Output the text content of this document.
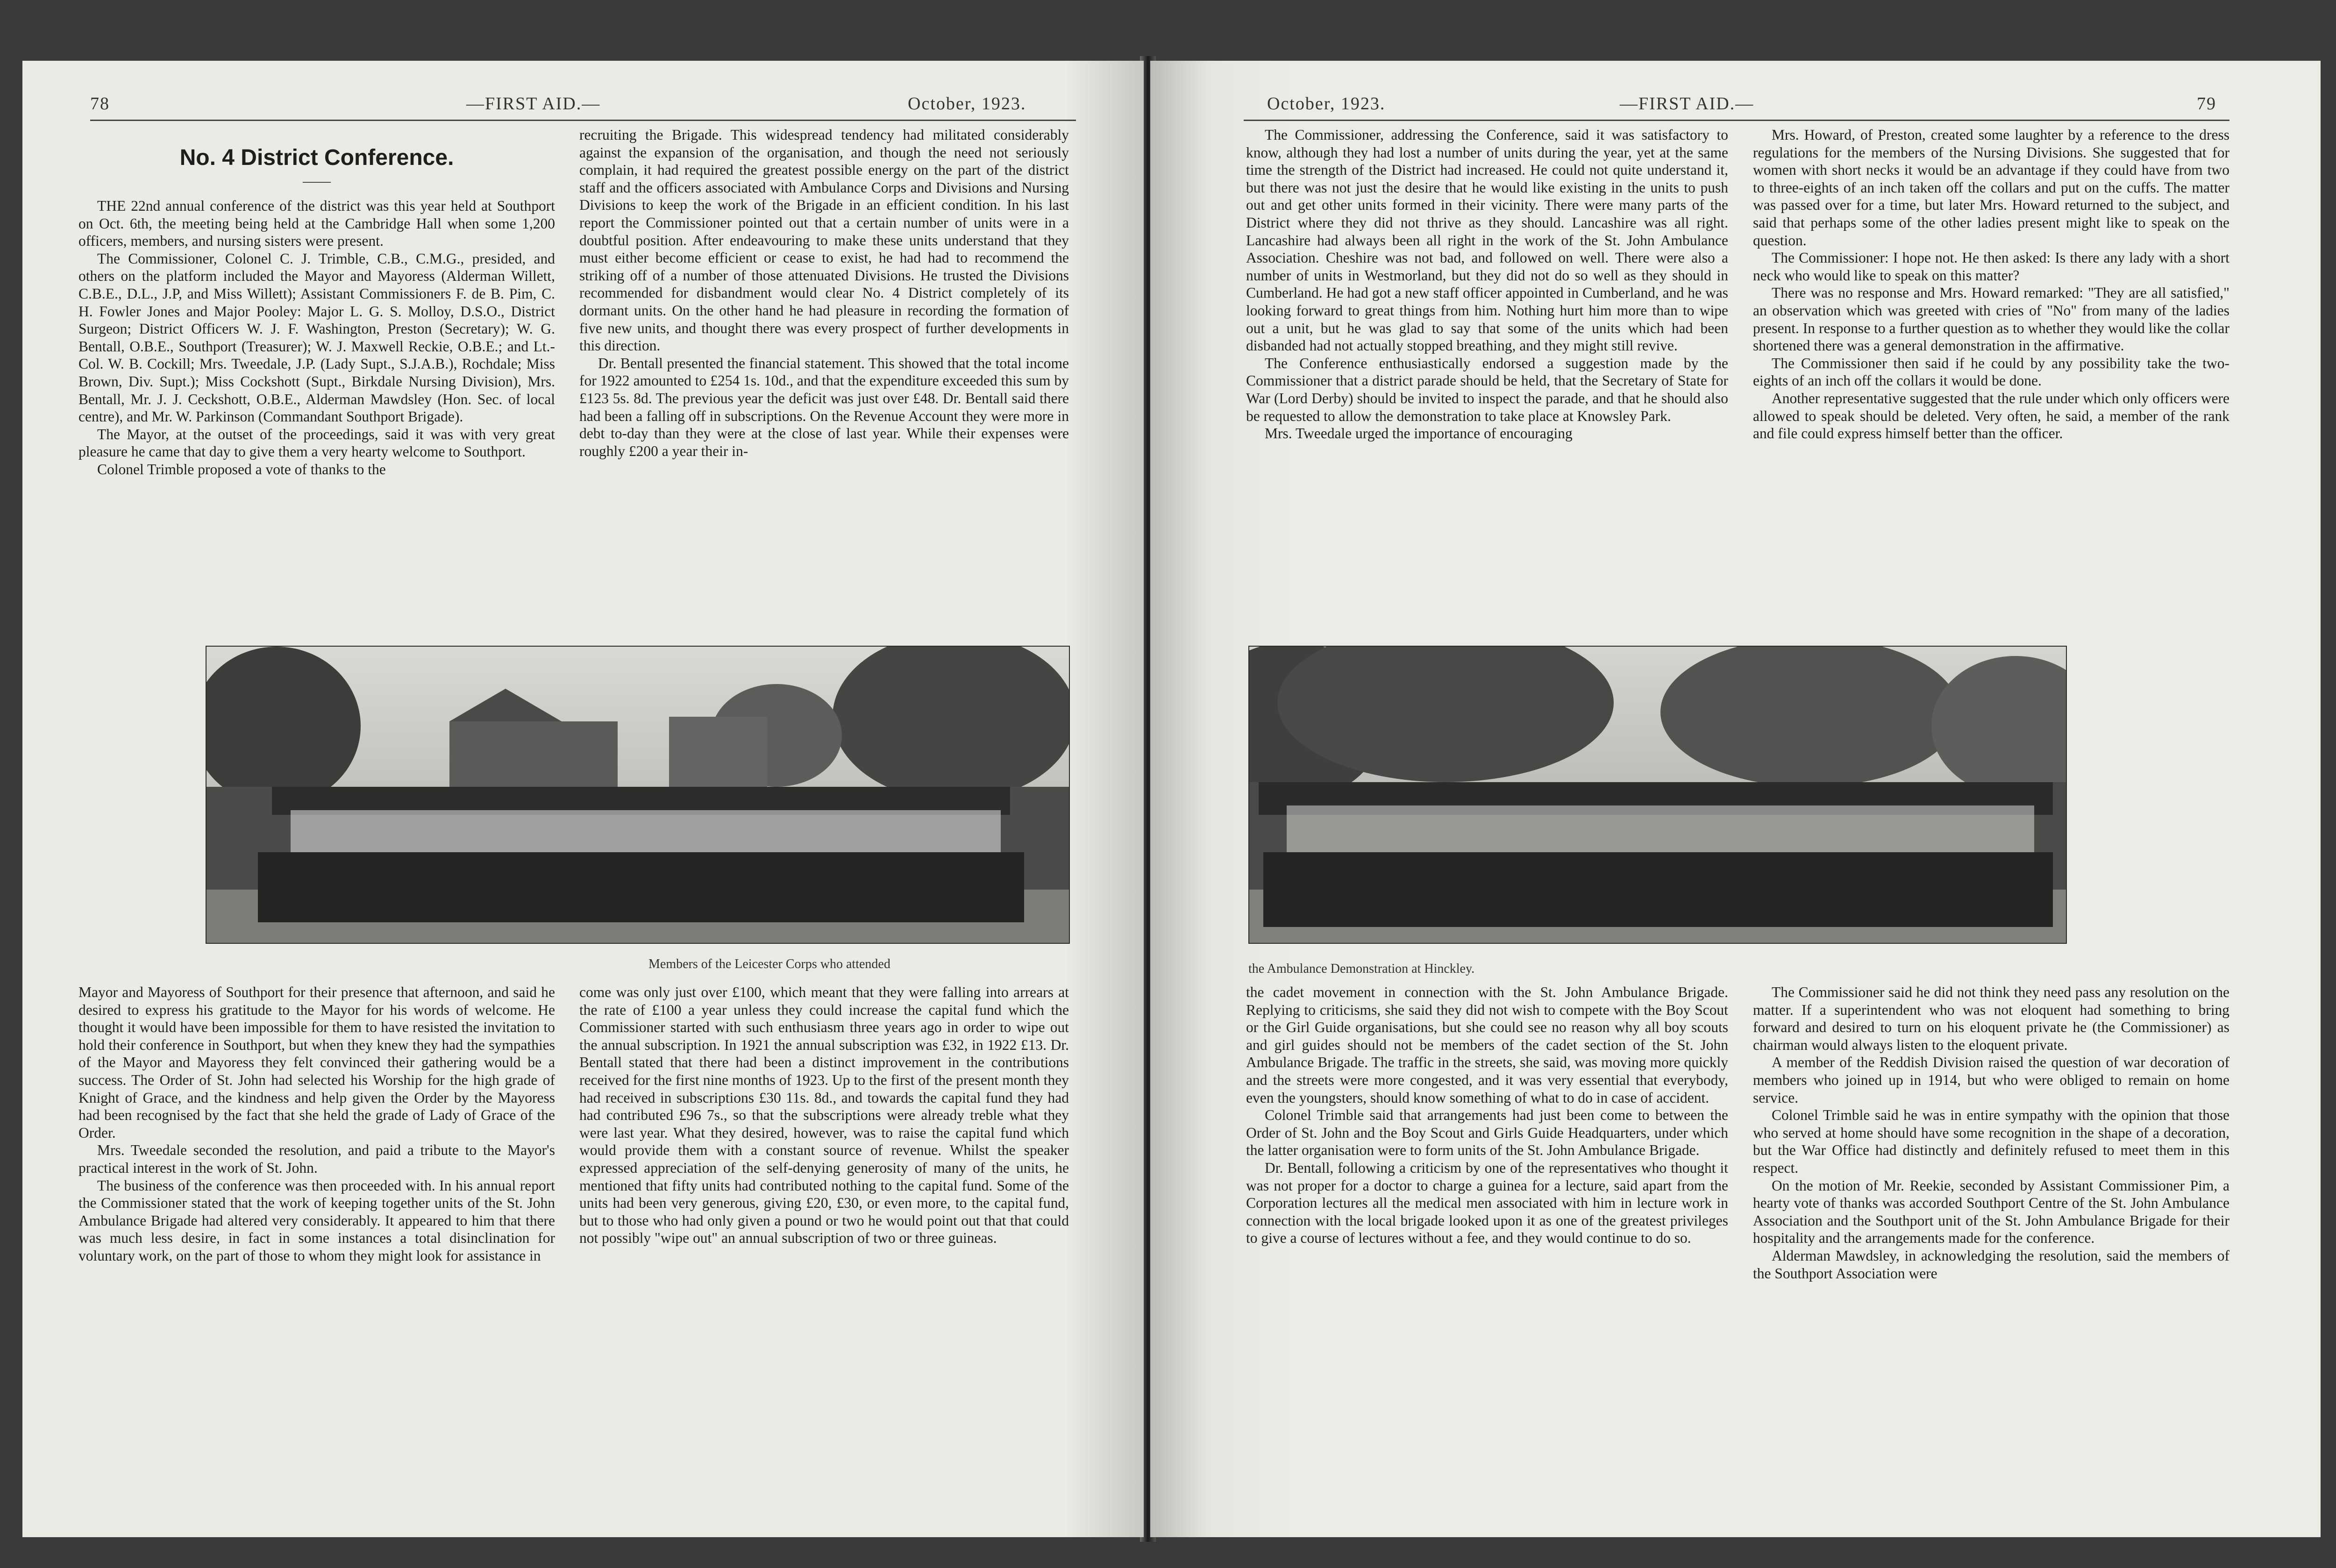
78	—FIRST AID.—	October, 1923.
No. 4 District Conference.
——

THE 22nd annual conference of the district was this year held at Southport on Oct. 6th, the meeting being held at the Cambridge Hall when some 1,200 officers, members, and nursing sisters were present.

The Commissioner, Colonel C. J. Trimble, C.B., C.M.G., presided, and others on the platform included the Mayor and Mayoress (Alderman Willett, C.B.E., D.L., J.P, and Miss Willett); Assistant Commissioners F. de B. Pim, C. H. Fowler Jones and Major Pooley: Major L. G. S. Molloy, D.S.O., District Surgeon; District Officers W. J. F. Washington, Preston (Secretary); W. G. Bentall, O.B.E., Southport (Treasurer); W. J. Maxwell Reckie, O.B.E.; and Lt.-Col. W. B. Cockill; Mrs. Tweedale, J.P. (Lady Supt., S.J.A.B.), Rochdale; Miss Brown, Div. Supt.); Miss Cockshott (Supt., Birkdale Nursing Division), Mrs. Bentall, Mr. J. J. Ceckshott, O.B.E., Alderman Mawdsley (Hon. Sec. of local centre), and Mr. W. Parkinson (Commandant Southport Brigade).

The Mayor, at the outset of the proceedings, said it was with very great pleasure he came that day to give them a very hearty welcome to Southport.

Colonel Trimble proposed a vote of thanks to the

recruiting the Brigade. This widespread tendency had militated considerably against the expansion of the organisation, and though the need not seriously complain, it had required the greatest possible energy on the part of the district staff and the officers associated with Ambulance Corps and Divisions and Nursing Divisions to keep the work of the Brigade in an efficient condition. In his last report the Commissioner pointed out that a certain number of units were in a doubtful position. After endeavouring to make these units understand that they must either become efficient or cease to exist, he had had to recommend the striking off of a number of those attenuated Divisions. He trusted the Divisions recommended for disbandment would clear No. 4 District completely of its dormant units. On the other hand he had pleasure in recording the formation of five new units, and thought there was every prospect of further developments in this direction.

Dr. Bentall presented the financial statement. This showed that the total income for 1922 amounted to £254 1s. 10d., and that the expenditure exceeded this sum by £123 5s. 8d. The previous year the deficit was just over £48. Dr. Bentall said there had been a falling off in subscriptions. On the Revenue Account they were more in debt to-day than they were at the close of last year. While their expenses were roughly £200 a year their in-

Members of the Leicester Corps who attended

Mayor and Mayoress of Southport for their presence that afternoon, and said he desired to express his gratitude to the Mayor for his words of welcome. He thought it would have been impossible for them to have resisted the invitation to hold their conference in Southport, but when they knew they had the sympathies of the Mayor and Mayoress they felt convinced their gathering would be a success. The Order of St. John had selected his Worship for the high grade of Knight of Grace, and the kindness and help given the Order by the Mayoress had been recognised by the fact that she held the grade of Lady of Grace of the Order.

Mrs. Tweedale seconded the resolution, and paid a tribute to the Mayor's practical interest in the work of St. John.

The business of the conference was then proceeded with. In his annual report the Commissioner stated that the work of keeping together units of the St. John Ambulance Brigade had altered very considerably. It appeared to him that there was much less desire, in fact in some instances a total disinclination for voluntary work, on the part of those to whom they might look for assistance in

come was only just over £100, which meant that they were falling into arrears at the rate of £100 a year unless they could increase the capital fund which the Commissioner started with such enthusiasm three years ago in order to wipe out the annual subscription. In 1921 the annual subscription was £32, in 1922 £13. Dr. Bentall stated that there had been a distinct improvement in the contributions received for the first nine months of 1923. Up to the first of the present month they had received in subscriptions £30 11s. 8d., and towards the capital fund they had had contributed £96 7s., so that the subscriptions were already treble what they were last year. What they desired, however, was to raise the capital fund which would provide them with a constant source of revenue. Whilst the speaker expressed appreciation of the self-denying generosity of many of the units, he mentioned that fifty units had contributed nothing to the capital fund. Some of the units had been very generous, giving £20, £30, or even more, to the capital fund, but to those who had only given a pound or two he would point out that that could not possibly "wipe out" an annual subscription of two or three guineas.

October, 1923.	—FIRST AID.—	79

The Commissioner, addressing the Conference, said it was satisfactory to know, although they had lost a number of units during the year, yet at the same time the strength of the District had increased. He could not quite understand it, but there was not just the desire that he would like existing in the units to push out and get other units formed in their vicinity. There were many parts of the District where they did not thrive as they should. Lancashire was all right. Lancashire had always been all right in the work of the St. John Ambulance Association. Cheshire was not bad, and followed on well. There were also a number of units in Westmorland, but they did not do so well as they should in Cumberland. He had got a new staff officer appointed in Cumberland, and he was looking forward to great things from him. Nothing hurt him more than to wipe out a unit, but he was glad to say that some of the units which had been disbanded had not actually stopped breathing, and they might still revive.

The Conference enthusiastically endorsed a suggestion made by the Commissioner that a district parade should be held, that the Secretary of State for War (Lord Derby) should be invited to inspect the parade, and that he should also be requested to allow the demonstration to take place at Knowsley Park.

Mrs. Tweedale urged the importance of encouraging

Mrs. Howard, of Preston, created some laughter by a reference to the dress regulations for the members of the Nursing Divisions. She suggested that for women with short necks it would be an advantage if they could have from two to three-eights of an inch taken off the collars and put on the cuffs. The matter was passed over for a time, but later Mrs. Howard returned to the subject, and said that perhaps some of the other ladies present might like to speak on the question.

The Commissioner: I hope not. He then asked: Is there any lady with a short neck who would like to speak on this matter?

There was no response and Mrs. Howard remarked: "They are all satisfied," an observation which was greeted with cries of "No" from many of the ladies present. In response to a further question as to whether they would like the collar shortened there was a general demonstration in the affirmative.

The Commissioner then said if he could by any possibility take the two-eights of an inch off the collars it would be done.

Another representative suggested that the rule under which only officers were allowed to speak should be deleted. Very often, he said, a member of the rank and file could express himself better than the officer.

the Ambulance Demonstration at Hinckley.

the cadet movement in connection with the St. John Ambulance Brigade. Replying to criticisms, she said they did not wish to compete with the Boy Scout or the Girl Guide organisations, but she could see no reason why all boy scouts and girl guides should not be members of the cadet section of the St. John Ambulance Brigade. The traffic in the streets, she said, was moving more quickly and the streets were more congested, and it was very essential that everybody, even the youngsters, should know something of what to do in case of accident.

Colonel Trimble said that arrangements had just been come to between the Order of St. John and the Boy Scout and Girls Guide Headquarters, under which the latter organisation were to form units of the St. John Ambulance Brigade.

Dr. Bentall, following a criticism by one of the representatives who thought it was not proper for a doctor to charge a guinea for a lecture, said apart from the Corporation lectures all the medical men associated with him in lecture work in connection with the local brigade looked upon it as one of the greatest privileges to give a course of lectures without a fee, and they would continue to do so.

The Commissioner said he did not think they need pass any resolution on the matter. If a superintendent who was not eloquent had something to bring forward and desired to turn on his eloquent private he (the Commissioner) as chairman would always listen to the eloquent private.

A member of the Reddish Division raised the question of war decoration of members who joined up in 1914, but who were obliged to remain on home service.

Colonel Trimble said he was in entire sympathy with the opinion that those who served at home should have some recognition in the shape of a decoration, but the War Office had distinctly and definitely refused to meet them in this respect.

On the motion of Mr. Reekie, seconded by Assistant Commissioner Pim, a hearty vote of thanks was accorded Southport Centre of the St. John Ambulance Association and the Southport unit of the St. John Ambulance Brigade for their hospitality and the arrangements made for the conference.

Alderman Mawdsley, in acknowledging the resolution, said the members of the Southport Association were
